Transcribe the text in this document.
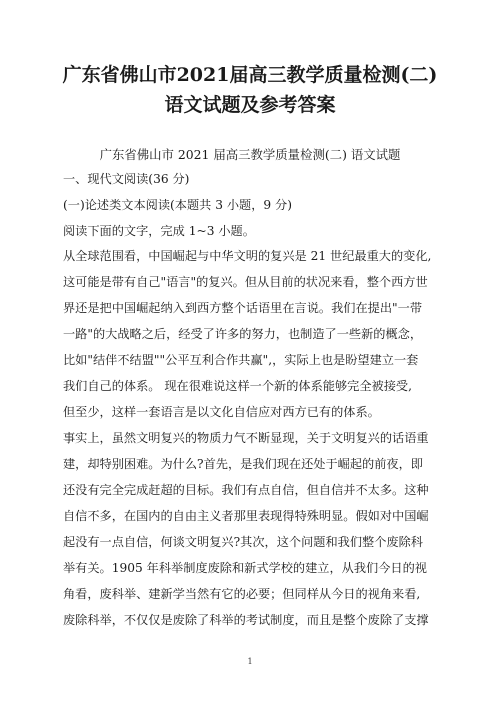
广东省佛山市2021届高三教学质量检测(二)
语文试题及参考答案

广东省佛山市 2021 届高三教学质量检测(二) 语文试题

一、现代文阅读(36 分)

(一)论述类文本阅读(本题共 3 小题，9 分)

阅读下面的文字，完成 1~3 小题。

从全球范围看，中国崛起与中华文明的复兴是 21 世纪最重大的变化,

这可能是带有自己"语言"的复兴。但从目前的状况来看，整个西方世

界还是把中国崛起纳入到西方整个话语里在言说。我们在提出"一带

一路"的大战略之后，经受了许多的努力，也制造了一些新的概念，

比如"结伴不结盟""公平互利合作共赢",，实际上也是盼望建立一套

我们自己的体系。 现在很难说这样一个新的体系能够完全被接受,

但至少，这样一套语言是以文化自信应对西方已有的体系。

事实上，虽然文明复兴的物质力气不断显现，关于文明复兴的话语重

建，却特别困难。为什么?首先，是我们现在还处于崛起的前夜，即

还没有完全完成赶超的目标。我们有点自信，但自信并不太多。这种

自信不多，在国内的自由主义者那里表现得特殊明显。假如对中国崛

起没有一点自信，何谈文明复兴?其次，这个问题和我们整个废除科

举有关。1905 年科举制度废除和新式学校的建立，从我们今日的视

角看，废科举、建新学当然有它的必要；但同样从今日的视角来看,

废除科举，不仅仅是废除了科举的考试制度，而且是整个废除了支撑

1
